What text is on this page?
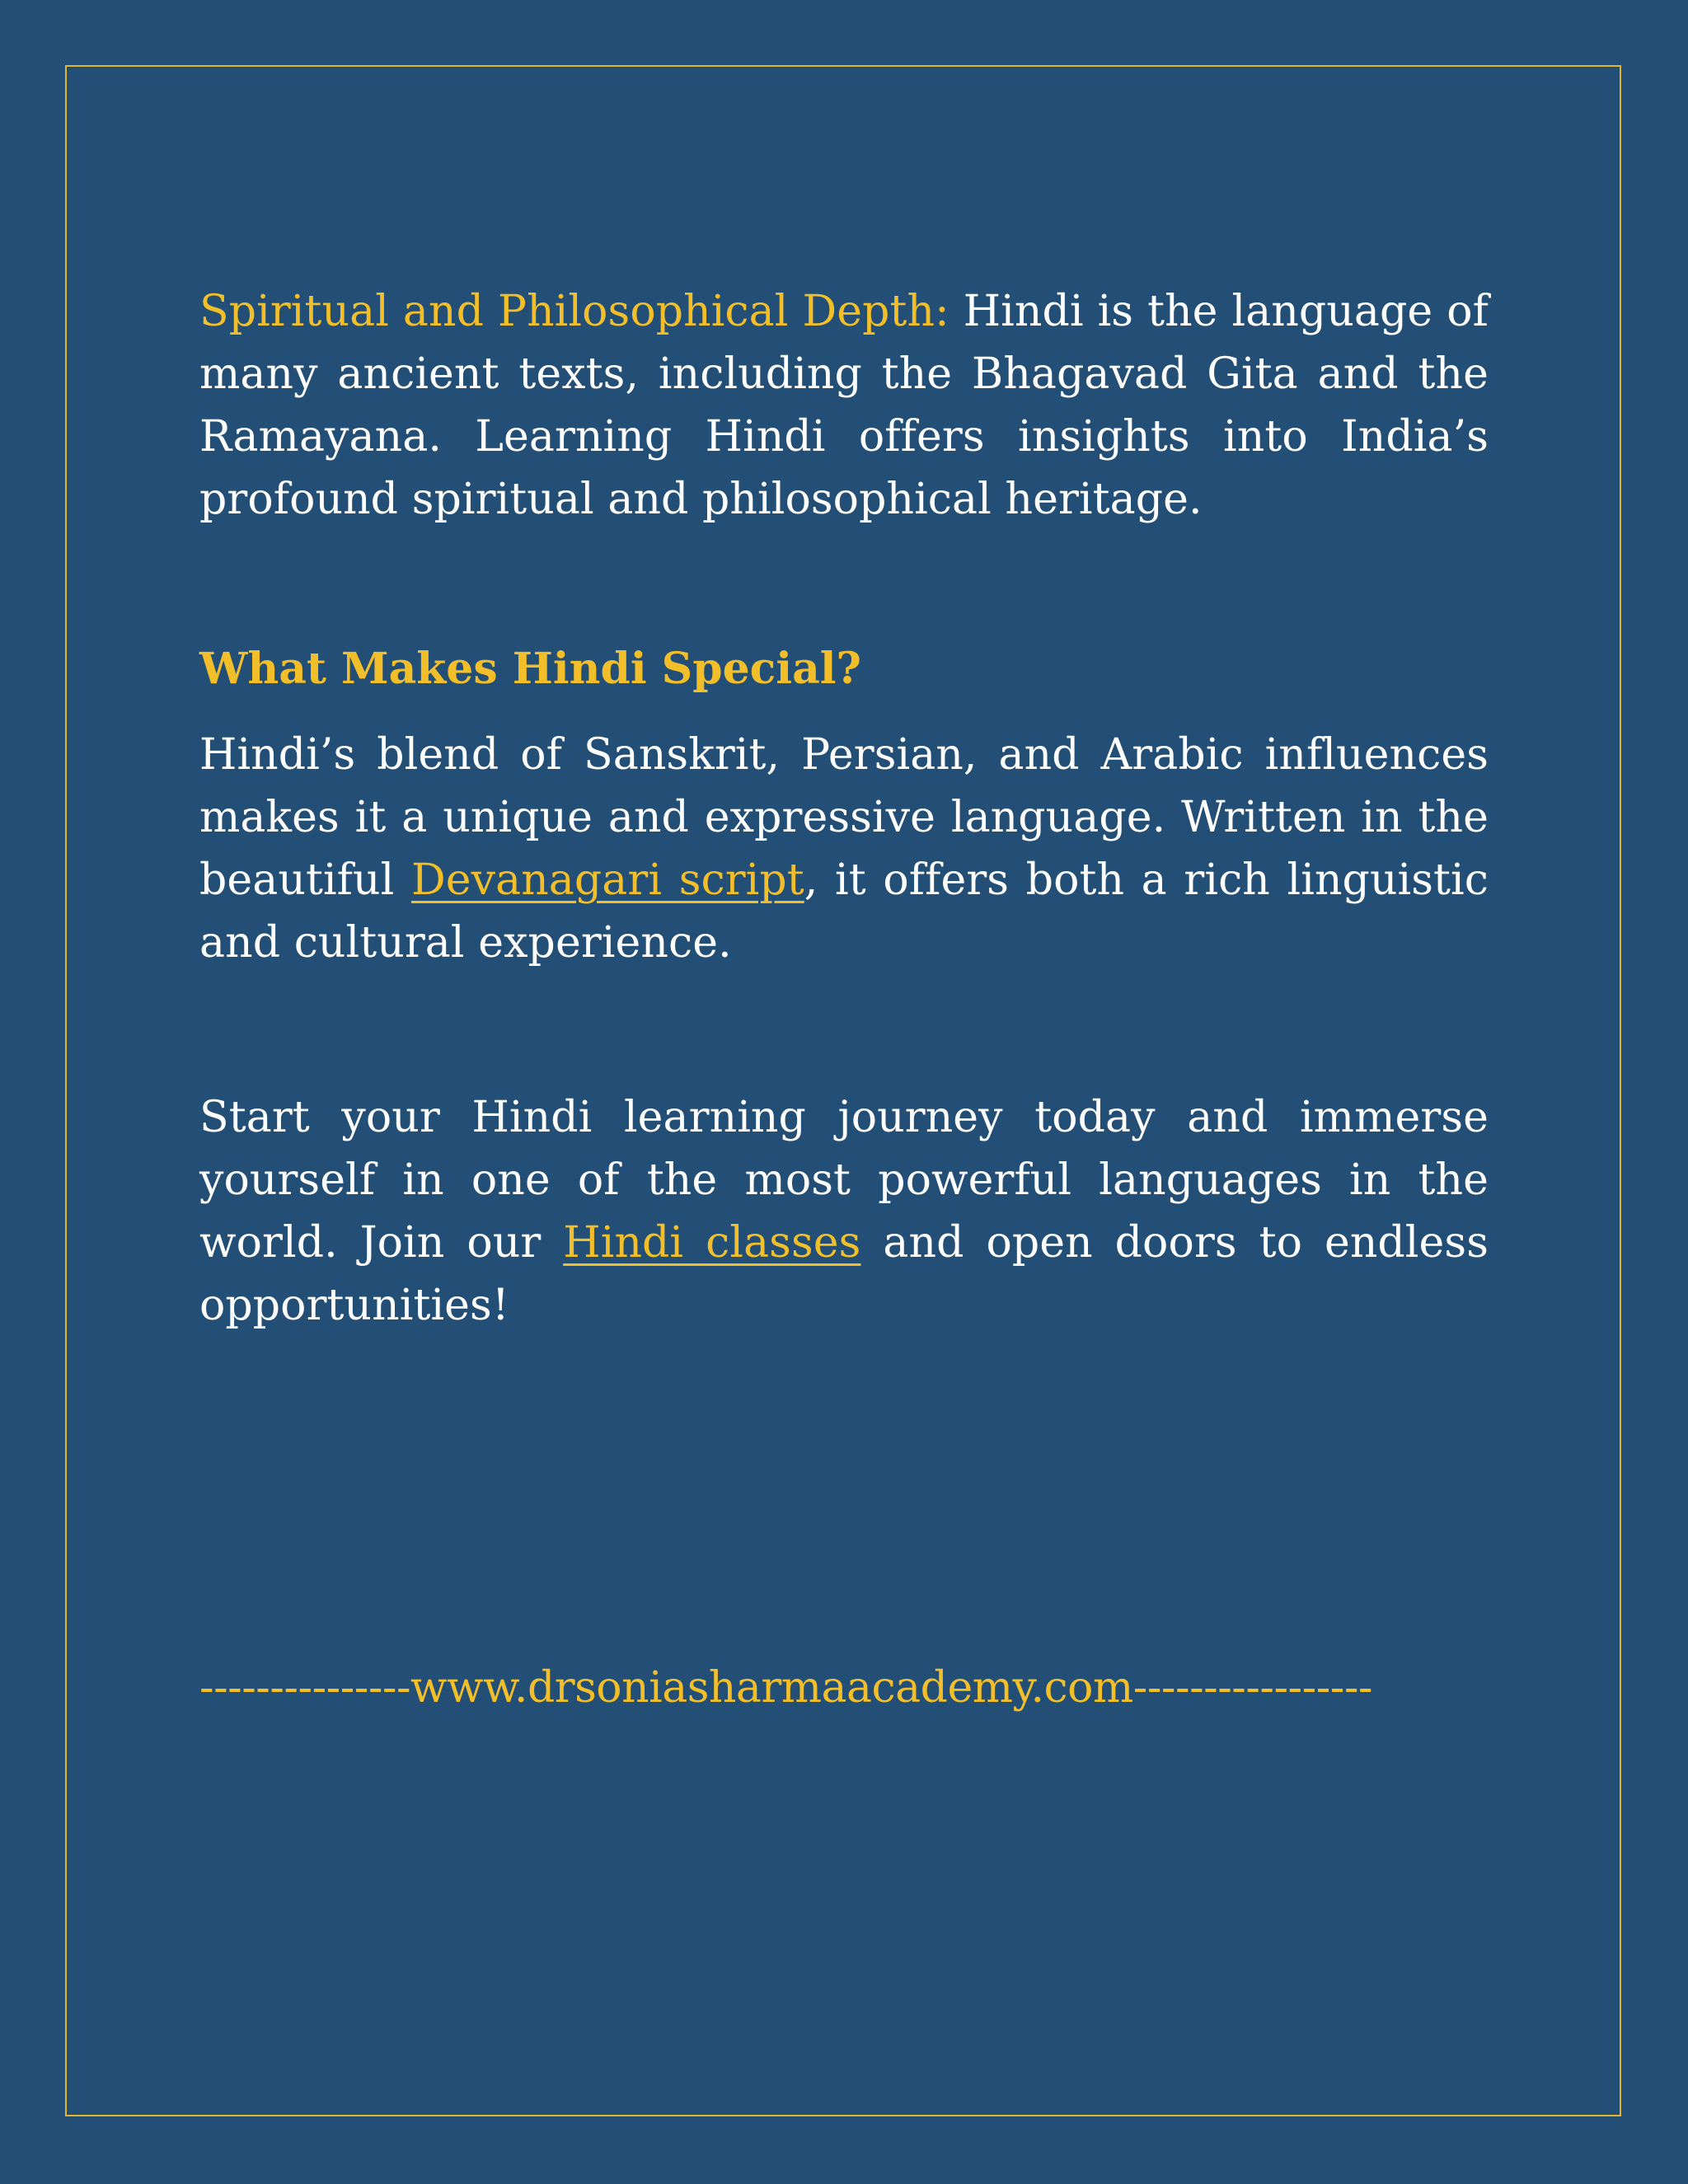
Spiritual and Philosophical Depth: Hindi is the language of many ancient texts, including the Bhagavad Gita and the Ramayana. Learning Hindi offers insights into India’s profound spiritual and philosophical heritage.

What Makes Hindi Special?

Hindi’s blend of Sanskrit, Persian, and Arabic influences makes it a unique and expressive language. Written in the beautiful Devanagari script, it offers both a rich linguistic and cultural experience.

Start your Hindi learning journey today and immerse yourself in one of the most powerful languages in the world. Join our Hindi classes and open doors to endless opportunities!

---------------www.drsoniasharmaacademy.com-----------------
